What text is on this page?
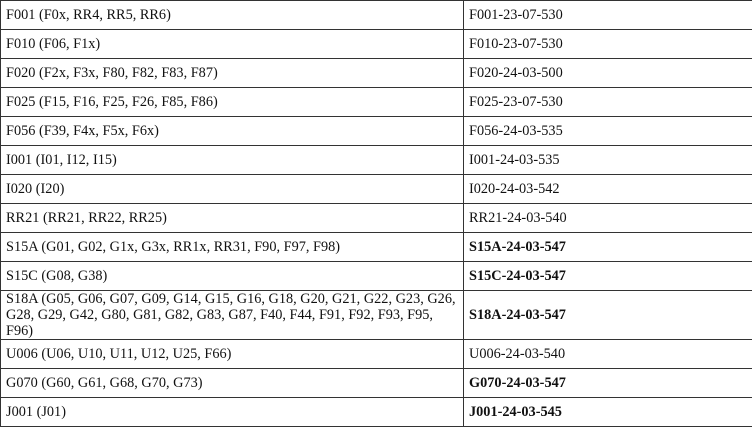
F001 (F0x, RR4, RR5, RR6)	F001-23-07-530
F010 (F06, F1x)	F010-23-07-530
F020 (F2x, F3x, F80, F82, F83, F87)	F020-24-03-500
F025 (F15, F16, F25, F26, F85, F86)	F025-23-07-530
F056 (F39, F4x, F5x, F6x)	F056-24-03-535
I001 (I01, I12, I15)	I001-24-03-535
I020 (I20)	I020-24-03-542
RR21 (RR21, RR22, RR25)	RR21-24-03-540
S15A (G01, G02, G1x, G3x, RR1x, RR31, F90, F97, F98)	S15A-24-03-547
S15C (G08, G38)	S15C-24-03-547
S18A (G05, G06, G07, G09, G14, G15, G16, G18, G20, G21, G22, G23, G26, G28, G29, G42, G80, G81, G82, G83, G87, F40, F44, F91, F92, F93, F95, F96)	S18A-24-03-547
U006 (U06, U10, U11, U12, U25, F66)	U006-24-03-540
G070 (G60, G61, G68, G70, G73)	G070-24-03-547
J001 (J01)	J001-24-03-545
